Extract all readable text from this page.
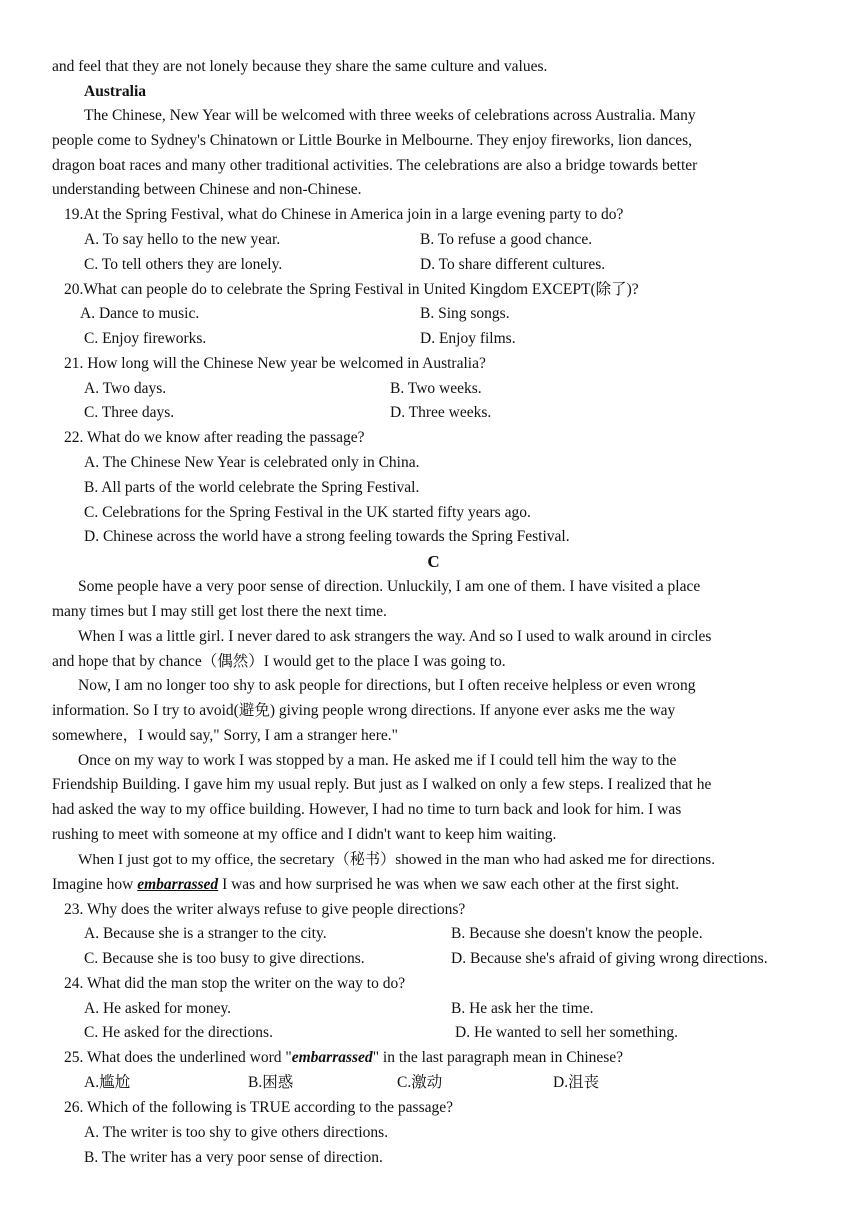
and feel that they are not lonely because they share the same culture and values.
Australia
The Chinese, New Year will be welcomed with three weeks of celebrations across Australia. Many
people come to Sydney's Chinatown or Little Bourke in Melbourne. They enjoy fireworks, lion dances,
dragon boat races and many other traditional activities. The celebrations are also a bridge towards better
understanding between Chinese and non-Chinese.
19.At the Spring Festival, what do Chinese in America join in a large evening party to do?
A. To say hello to the new year.	B. To refuse a good chance.
C. To tell others they are lonely.	D. To share different cultures.
20.What can people do to celebrate the Spring Festival in United Kingdom EXCEPT(除了)?
A. Dance to music.	B. Sing songs.
C. Enjoy fireworks.	D. Enjoy films.
21. How long will the Chinese New year be welcomed in Australia?
A. Two days.	B. Two weeks.
C. Three days.	D. Three weeks.
22. What do we know after reading the passage?
A. The Chinese New Year is celebrated only in China.
B. All parts of the world celebrate the Spring Festival.
C. Celebrations for the Spring Festival in the UK started fifty years ago.
D. Chinese across the world have a strong feeling towards the Spring Festival.
C
Some people have a very poor sense of direction. Unluckily, I am one of them. I have visited a place
many times but I may still get lost there the next time.
When I was a little girl. I never dared to ask strangers the way. And so I used to walk around in circles
and hope that by chance（偶然）I would get to the place I was going to.
Now, I am no longer too shy to ask people for directions, but I often receive helpless or even wrong
information. So I try to avoid(避免) giving people wrong directions. If anyone ever asks me the way
somewhere，I would say," Sorry, I am a stranger here."
Once on my way to work I was stopped by a man. He asked me if I could tell him the way to the
Friendship Building. I gave him my usual reply. But just as I walked on only a few steps. I realized that he
had asked the way to my office building. However, I had no time to turn back and look for him. I was
rushing to meet with someone at my office and I didn't want to keep him waiting.
When I just got to my office, the secretary（秘书）showed in the man who had asked me for directions.
Imagine how embarrassed I was and how surprised he was when we saw each other at the first sight.
23. Why does the writer always refuse to give people directions?
A. Because she is a stranger to the city.	B. Because she doesn't know the people.
C. Because she is too busy to give directions.	D. Because she's afraid of giving wrong directions.
24. What did the man stop the writer on the way to do?
A. He asked for money.	B. He ask her the time.
C. He asked for the directions.	D. He wanted to sell her something.
25. What does the underlined word "embarrassed" in the last paragraph mean in Chinese?
A.尴尬	B.困惑	C.激动	D.沮丧
26. Which of the following is TRUE according to the passage?
A. The writer is too shy to give others directions.
B. The writer has a very poor sense of direction.
